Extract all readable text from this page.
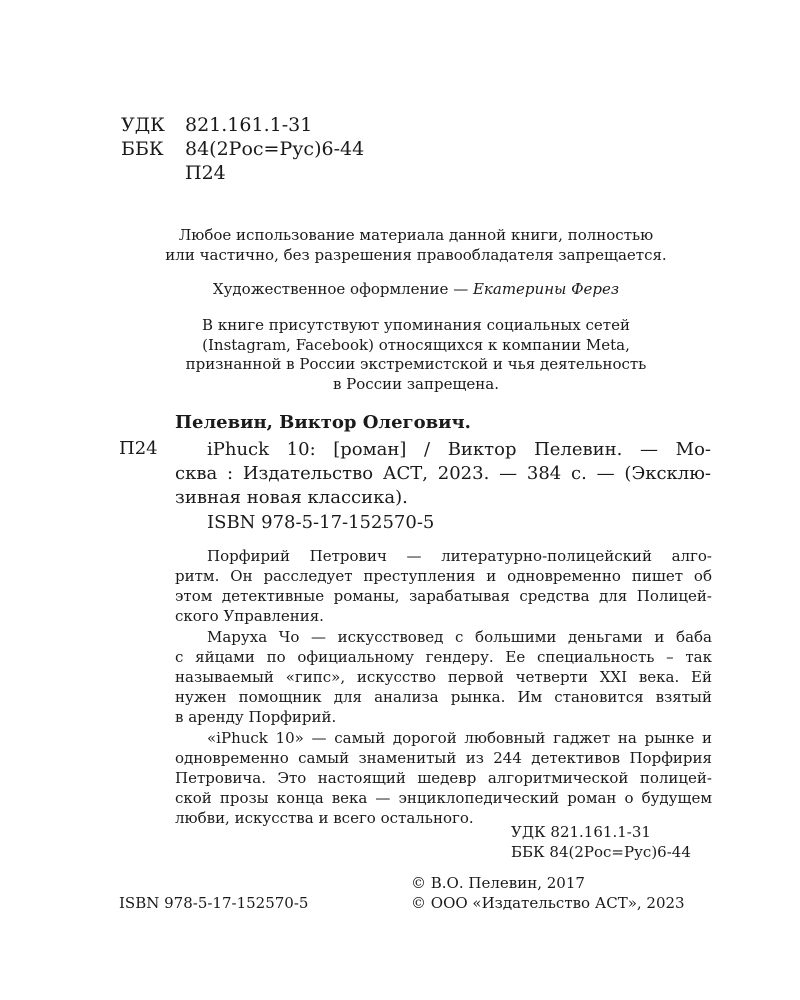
УДК 821.161.1-31
ББК 84(2Рос=Рус)6-44
П24
Любое использование материала данной книги, полностью
или частично, без разрешения правообладателя запрещается.
Художественное оформление — Екатерины Ферез
В книге присутствуют упоминания социальных сетей
(Instagram, Facebook) относящихся к компании Meta,
признанной в России экстремистской и чья деятельность
в России запрещена.
Пелевин, Виктор Олегович.
П24	iPhuck 10: [роман] / Виктор Пелевин. — Мо-
сква : Издательство АСТ, 2023. — 384 с. — (Эксклю-
зивная новая классика).
ISBN 978-5-17-152570-5
Порфирий Петрович — литературно-полицейский алго-
ритм. Он расследует преступления и одновременно пишет об
этом детективные романы, зарабатывая средства для Полицей-
ского Управления.
Маруха Чо — искусствовед с большими деньгами и баба
с яйцами по официальному гендеру. Ее специальность – так
называемый «гипс», искусство первой четверти XXI века. Ей
нужен помощник для анализа рынка. Им становится взятый
в аренду Порфирий.
«iPhuck 10» — самый дорогой любовный гаджет на рынке и
одновременно самый знаменитый из 244 детективов Порфирия
Петровича. Это настоящий шедевр алгоритмической полицей-
ской прозы конца века — энциклопедический роман о будущем
любви, искусства и всего остального.
УДК 821.161.1-31
ББК 84(2Рос=Рус)6-44
© В.О. Пелевин, 2017
ISBN 978-5-17-152570-5	© ООО «Издательство АСТ», 2023
